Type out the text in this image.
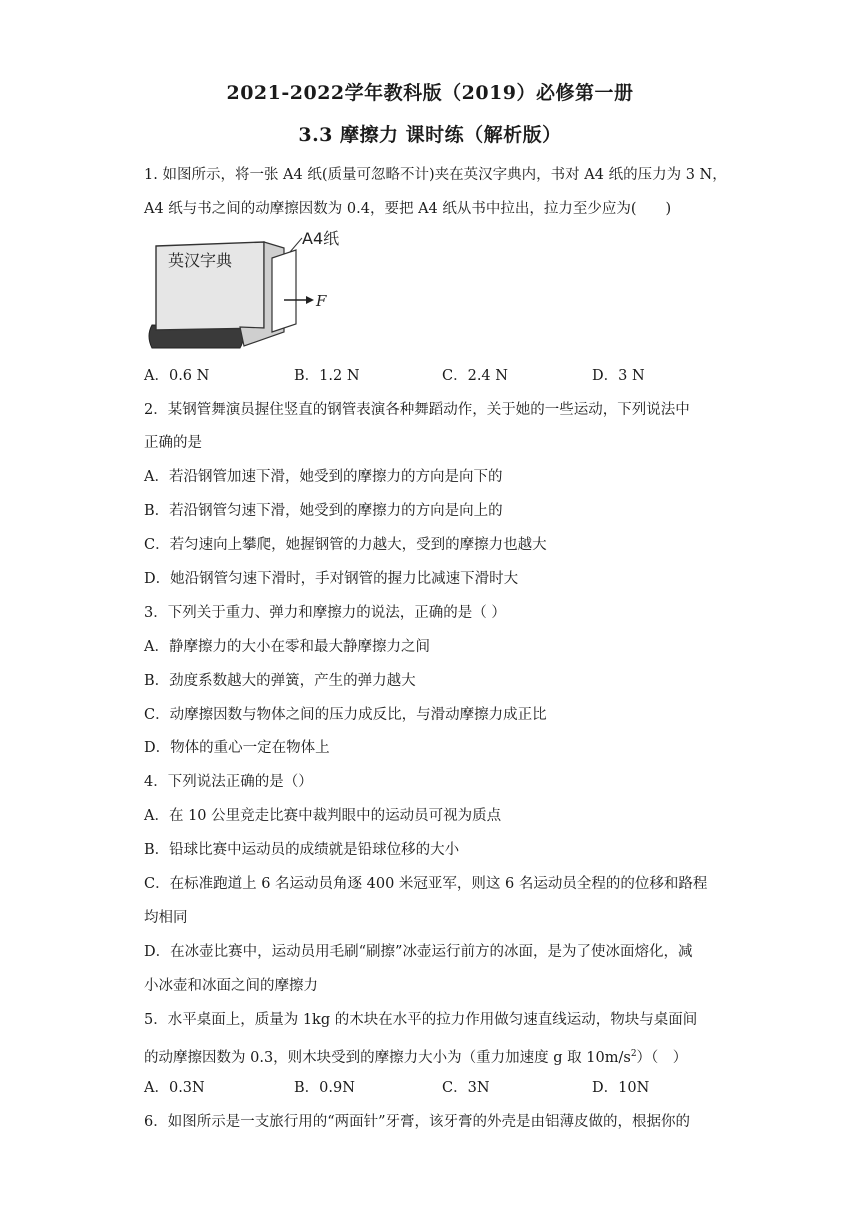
2021-2022学年教科版（2019）必修第一册
3.3 摩擦力 课时练（解析版）
1. 如图所示，将一张 A4 纸(质量可忽略不计)夹在英汉字典内，书对 A4 纸的压力为 3 N，
A4 纸与书之间的动摩擦因数为 0.4，要把 A4 纸从书中拉出，拉力至少应为(　　)
英汉字典
A4纸
F
A．0.6 N	B．1.2 N	C．2.4 N	D．3 N
2．某钢管舞演员握住竖直的钢管表演各种舞蹈动作，关于她的一些运动，下列说法中
正确的是
A．若沿钢管加速下滑，她受到的摩擦力的方向是向下的
B．若沿钢管匀速下滑，她受到的摩擦力的方向是向上的
C．若匀速向上攀爬，她握钢管的力越大，受到的摩擦力也越大
D．她沿钢管匀速下滑时，手对钢管的握力比减速下滑时大
3．下列关于重力、弹力和摩擦力的说法，正确的是（ ）
A．静摩擦力的大小在零和最大静摩擦力之间
B．劲度系数越大的弹簧，产生的弹力越大
C．动摩擦因数与物体之间的压力成反比，与滑动摩擦力成正比
D．物体的重心一定在物体上
4．下列说法正确的是（）
A．在 10 公里竞走比赛中裁判眼中的运动员可视为质点
B．铅球比赛中运动员的成绩就是铅球位移的大小
C．在标准跑道上 6 名运动员角逐 400 米冠亚军，则这 6 名运动员全程的的位移和路程
均相同
D．在冰壶比赛中，运动员用毛刷“刷擦”冰壶运行前方的冰面，是为了使冰面熔化，减
小冰壶和冰面之间的摩擦力
5．水平桌面上，质量为 1kg 的木块在水平的拉力作用做匀速直线运动，物块与桌面间
的动摩擦因数为 0.3，则木块受到的摩擦力大小为（重力加速度 g 取 $10m/s^2$）（　）
A．0.3N	B．0.9N	C．3N	D．10N
6．如图所示是一支旅行用的“两面针”牙膏，该牙膏的外壳是由铝薄皮做的，根据你的
